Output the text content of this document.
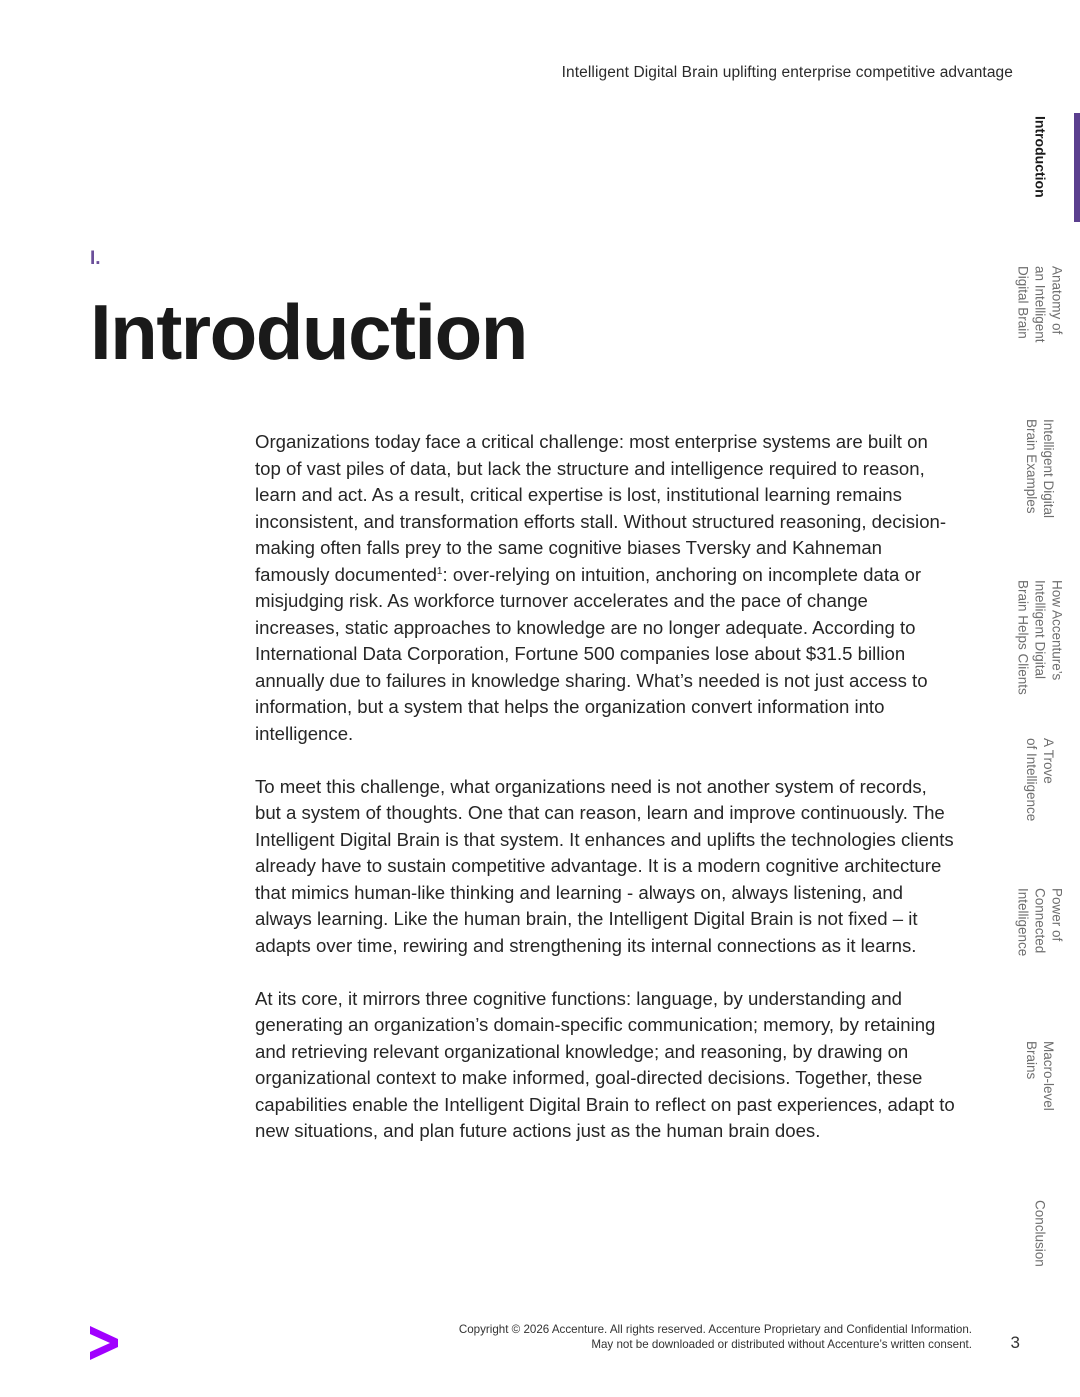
Intelligent Digital Brain uplifting enterprise competitive advantage
I.
Introduction

Organizations today face a critical challenge: most enterprise systems are built on top of vast piles of data, but lack the structure and intelligence required to reason, learn and act. As a result, critical expertise is lost, institutional learning remains inconsistent, and transformation efforts stall. Without structured reasoning, decision-making often falls prey to the same cognitive biases Tversky and Kahneman famously documented$^1$: over-relying on intuition, anchoring on incomplete data or misjudging risk. As workforce turnover accelerates and the pace of change increases, static approaches to knowledge are no longer adequate. According to International Data Corporation, Fortune 500 companies lose about $31.5 billion annually due to failures in knowledge sharing. What’s needed is not just access to information, but a system that helps the organization convert information into intelligence.

To meet this challenge, what organizations need is not another system of records, but a system of thoughts. One that can reason, learn and improve continuously. The Intelligent Digital Brain is that system. It enhances and uplifts the technologies clients already have to sustain competitive advantage. It is a modern cognitive architecture that mimics human-like thinking and learning - always on, always listening, and always learning. Like the human brain, the Intelligent Digital Brain is not fixed – it adapts over time, rewiring and strengthening its internal connections as it learns.

At its core, it mirrors three cognitive functions: language, by understanding and generating an organization’s domain-specific communication; memory, by retaining and retrieving relevant organizational knowledge; and reasoning, by drawing on organizational context to make informed, goal-directed decisions. Together, these capabilities enable the Intelligent Digital Brain to reflect on past experiences, adapt to new situations, and plan future actions just as the human brain does.

Introduction
Anatomy of
an Intelligent
Digital Brain
Intelligent Digital
Brain Examples
How Accenture’s
Intelligent Digital
Brain Helps Clients
A Trove
of Intelligence
Power of
Connected
Intelligence
Macro-level
Brains
Conclusion
Copyright © 2026 Accenture. All rights reserved. Accenture Proprietary and Confidential Information.
May not be downloaded or distributed without Accenture’s written consent. 3
